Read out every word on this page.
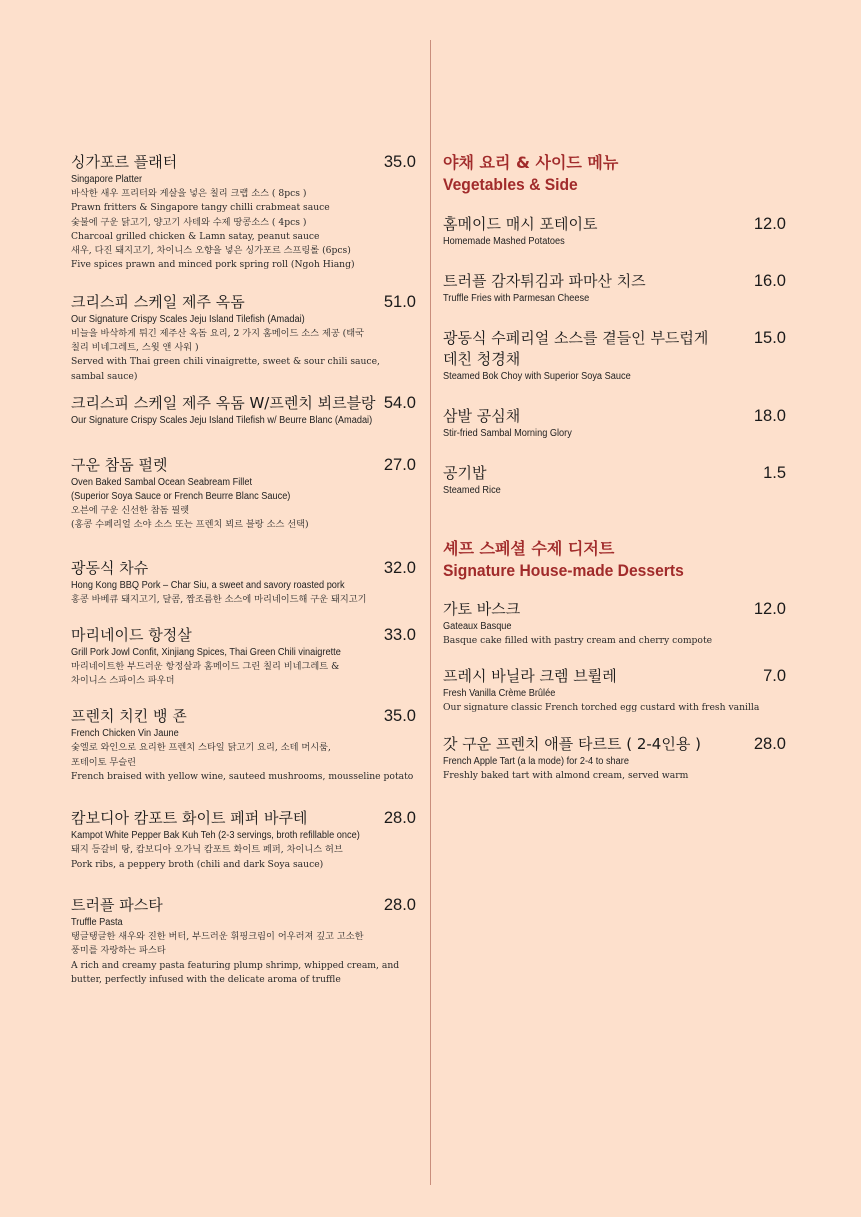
싱가포르 플래터	35.0
Singapore Platter
바삭한 새우 프리터와 게살을 넣은 칠리 크랩 소스 ( 8pcs )
Prawn fritters & Singapore tangy chilli crabmeat sauce
숯불에 구운 닭고기, 양고기 사테와 수제 땅콩소스 ( 4pcs )
Charcoal grilled chicken & Lamn satay, peanut sauce
새우, 다진 돼지고기, 차이니스 오향을 넣은 싱가포르 스프링롤 (6pcs)
Five spices prawn and minced pork spring roll (Ngoh Hiang)
크리스피 스케일 제주 옥돔	51.0
Our Signature Crispy Scales Jeju Island Tilefish (Amadai)
비늘을 바삭하게 튀긴 제주산 옥돔 요리, 2 가지 홈메이드 소스 제공 (태국
칠리 비네그레트, 스윗 앤 사워 )
Served with Thai green chili vinaigrette, sweet & sour chili sauce,
sambal sauce)
크리스피 스케일 제주 옥돔 W/프렌치 뵈르블랑 54.0
Our Signature Crispy Scales Jeju Island Tilefish w/ Beurre Blanc (Amadai)
구운 참돔 펄렛	27.0
Oven Baked Sambal Ocean Seabream Fillet
(Superior Soya Sauce or French Beurre Blanc Sauce)
오븐에 구운 신선한 참돔 필렛
(홍콩 수페리얼 소야 소스 또는 프렌치 뵈르 블랑 소스 선택)
광동식 차슈	32.0
Hong Kong BBQ Pork – Char Siu, a sweet and savory roasted pork
홍콩 바베큐 돼지고기, 달콤, 짭조름한 소스에 마리네이드해 구운 돼지고기
마리네이드 항정살	33.0
Grill Pork Jowl Confit, Xinjiang Spices, Thai Green Chili vinaigrette
마리네이트한 부드러운 항정살과 홈메이드 그린 칠리 비네그레트 &
차이니스 스파이스 파우더
프렌치 치킨 뱅 죤	35.0
French Chicken Vin Jaune
숯엘로 와인으로 요리한 프렌치 스타일 닭고기 요리, 소테 머시룸,
포테이토 무슬린
French braised with yellow wine, sauteed mushrooms, mousseline potato
캄보디아 캄포트 화이트 페퍼 바쿠테	28.0
Kampot White Pepper Bak Kuh Teh (2-3 servings, broth refillable once)
돼지 등갈비 탕, 캄보디아 오가닉 캄포트 화이트 페퍼, 차이니스 허브
Pork ribs, a peppery broth (chili and dark Soya sauce)
트러플 파스타	28.0
Truffle Pasta
탱글탱글한 새우와 진한 버터, 부드러운 휘핑크림이 어우러져 깊고 고소한
풍미를 자랑하는 파스타
A rich and creamy pasta featuring plump shrimp, whipped cream, and
butter, perfectly infused with the delicate aroma of truffle
야채 요리 & 사이드 메뉴
Vegetables & Side
홈메이드 매시 포테이토	12.0
Homemade Mashed Potatoes
트러플 감자튀김과 파마산 치즈	16.0
Truffle Fries with Parmesan Cheese
광동식 수페리얼 소스를 곁들인 부드럽게
데친 청경채
15.0
Steamed Bok Choy with Superior Soya Sauce
삼발 공심채	18.0
Stir-fried Sambal Morning Glory
공기밥	1.5
Steamed Rice
셰프 스페셜 수제 디저트
Signature House-made Desserts
가토 바스크	12.0
Gateaux Basque
Basque cake filled with pastry cream and cherry compote
프레시 바닐라 크렘 브륄레	7.0
Fresh Vanilla Crème Brûlée
Our signature classic French torched egg custard with fresh vanilla
갓 구운 프렌치 애플 타르트 ( 2-4인용 )	28.0
French Apple Tart (a la mode) for 2-4 to share
Freshly baked tart with almond cream, served warm
